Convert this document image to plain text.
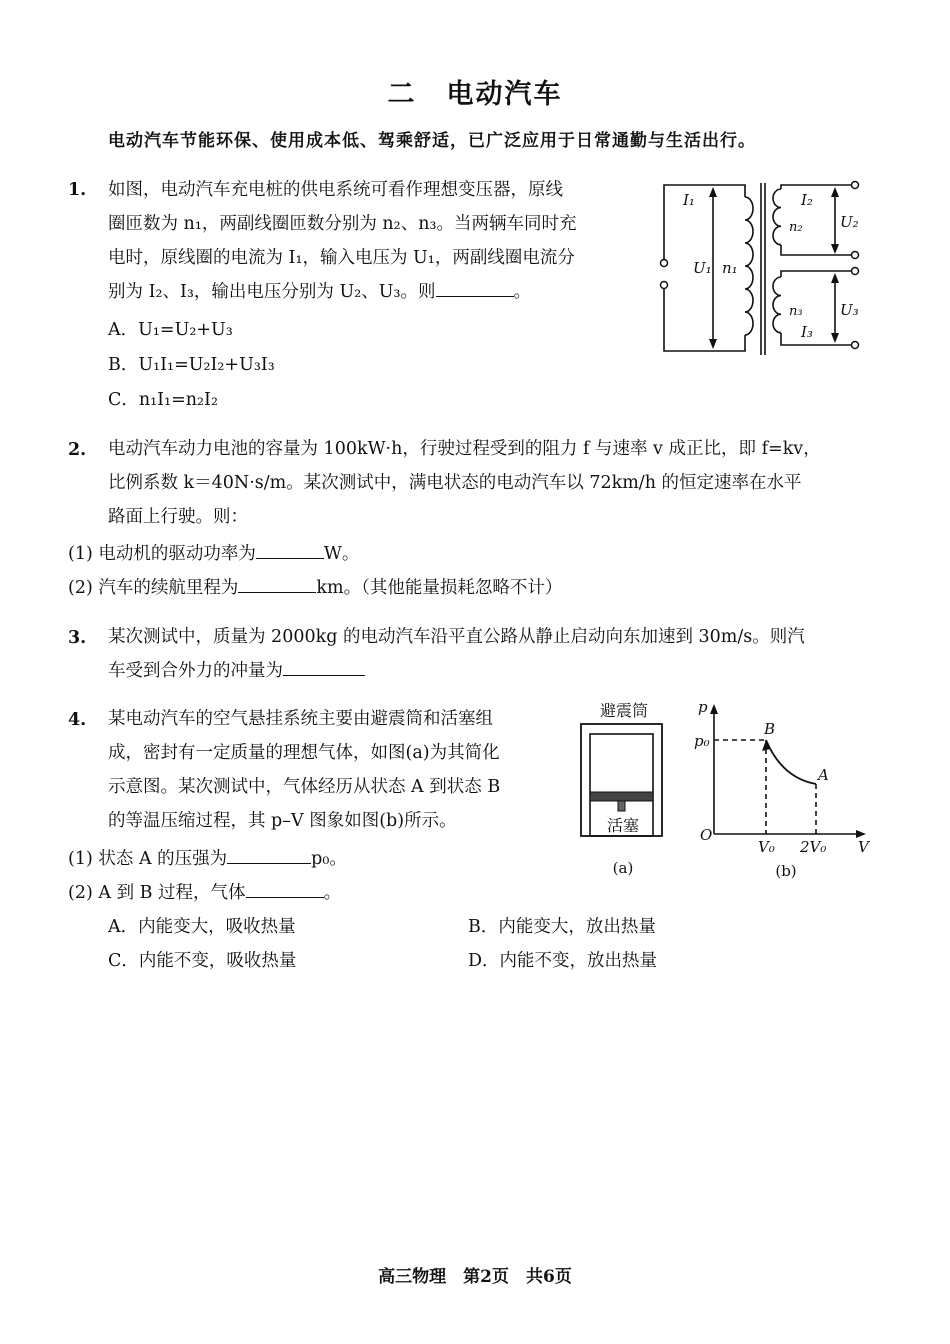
二 电动汽车
电动汽车节能环保、使用成本低、驾乘舒适，已广泛应用于日常通勤与生活出行。
1. 如图，电动汽车充电桩的供电系统可看作理想变压器，原线
圈匝数为 n₁，两副线圈匝数分别为 n₂、n₃。当两辆车同时充
电时，原线圈的电流为 I₁，输入电压为 U₁，两副线圈电流分
别为 I₂、I₃，输出电压分别为 U₂、U₃。则	。
A．U₁=U₂+U₃
B．U₁I₁=U₂I₂+U₃I₃
C．n₁I₁=n₂I₂
I₁
U₁ n₁
I₂
n₂ U₂
n₃
I₃
U₃
2. 电动汽车动力电池的容量为 100kW·h，行驶过程受到的阻力 f 与速率 v 成正比，即 f=kv，
比例系数 k＝40N·s/m。某次测试中，满电状态的电动汽车以 72km/h 的恒定速率在水平
路面上行驶。则：
(1) 电动机的驱动功率为	W。
(2) 汽车的续航里程为	km。（其他能量损耗忽略不计）
3. 某次测试中，质量为 2000kg 的电动汽车沿平直公路从静止启动向东加速到 30m/s。则汽
车受到合外力的冲量为
4. 某电动汽车的空气悬挂系统主要由避震筒和活塞组
成，密封有一定质量的理想气体，如图(a)为其简化
示意图。某次测试中，气体经历从状态 A 到状态 B
的等温压缩过程，其 p–V 图象如图(b)所示。
(1) 状态 A 的压强为	p₀。
(2) A 到 B 过程，气体	。
A．内能变大，吸收热量	B．内能变大，放出热量
C．内能不变，吸收热量	D．内能不变，放出热量
避震筒
活塞
(a)
p
V
O
p₀
V₀ 2V₀
B
A
(b)
高三物理　第2页　共6页
